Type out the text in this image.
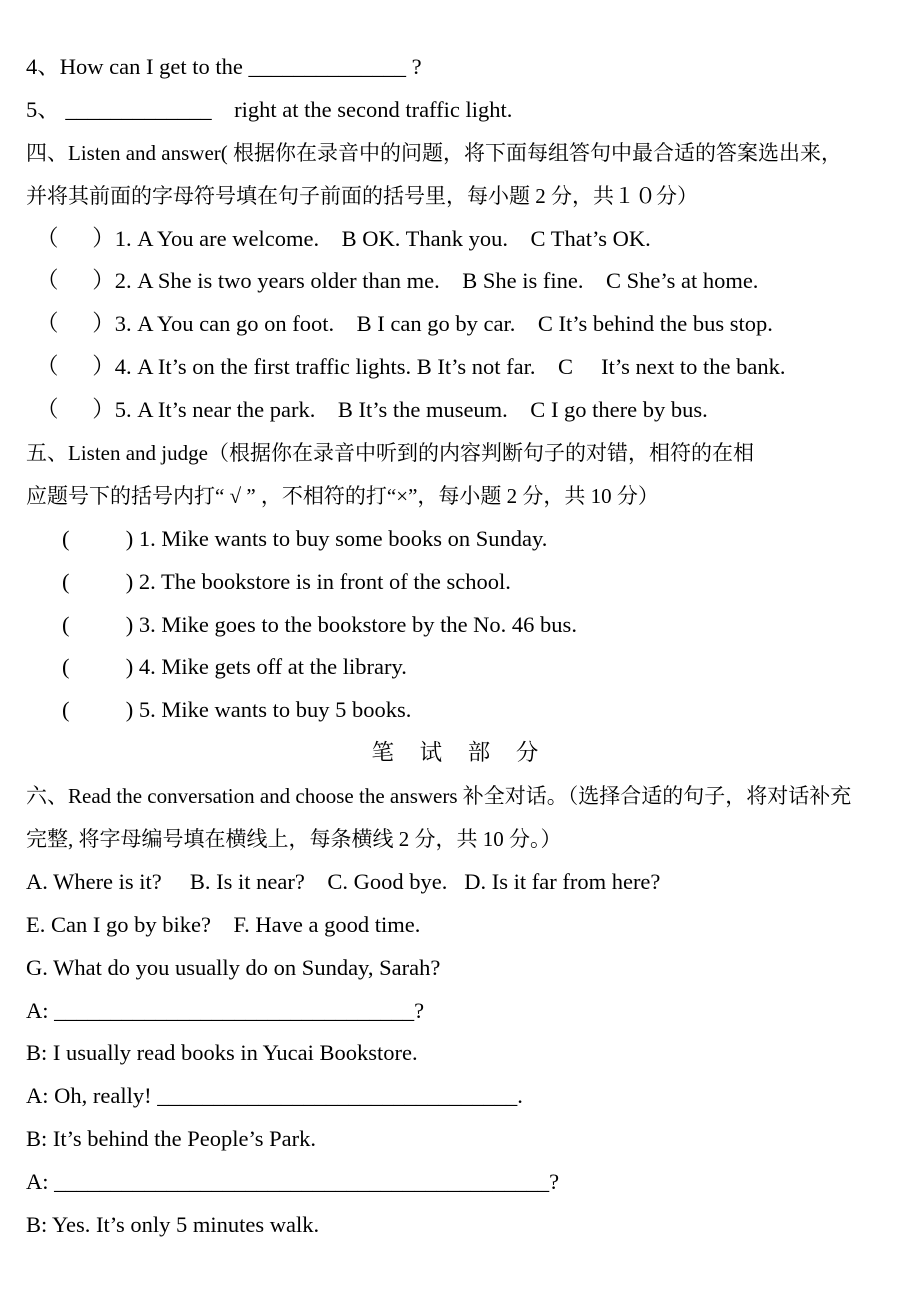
4、How can I get to the ______________ ?
5、 _____________    right at the second traffic light.
四、Listen and answer( 根据你在录音中的问题，将下面每组答句中最合适的答案选出来，
并将其前面的字母符号填在句子前面的括号里，每小题 2 分，共１０分）
（      ）1. A You are welcome.    B OK. Thank you.    C That’s OK.
（      ）2. A She is two years older than me.    B She is fine.    C She’s at home.
（      ）3. A You can go on foot.    B I can go by car.    C It’s behind the bus stop.
（      ）4. A It’s on the first traffic lights. B It’s not far.    C     It’s next to the bank.
（      ）5. A It’s near the park.    B It’s the museum.    C I go there by bus.
五、Listen and judge（根据你在录音中听到的内容判断句子的对错，相符的在相
应题号下的括号内打“ √ ” ，不相符的打“×”，每小题 2 分，共 10 分）
(          ) 1. Mike wants to buy some books on Sunday.
(          ) 2. The bookstore is in front of the school.
(          ) 3. Mike goes to the bookstore by the No. 46 bus.
(          ) 4. Mike gets off at the library.
(          ) 5. Mike wants to buy 5 books.
笔 试 部 分
六、Read the conversation and choose the answers 补全对话。（选择合适的句子，将对话补充
完整, 将字母编号填在横线上，每条横线 2 分，共 10 分。）
A. Where is it?     B. Is it near?    C. Good bye.   D. Is it far from here?
E. Can I go by bike?    F. Have a good time.
G. What do you usually do on Sunday, Sarah?
A: ________________________________?
B: I usually read books in Yucai Bookstore.
A: Oh, really! ________________________________.
B: It’s behind the People’s Park.
A: ____________________________________________?
B: Yes. It’s only 5 minutes walk.
